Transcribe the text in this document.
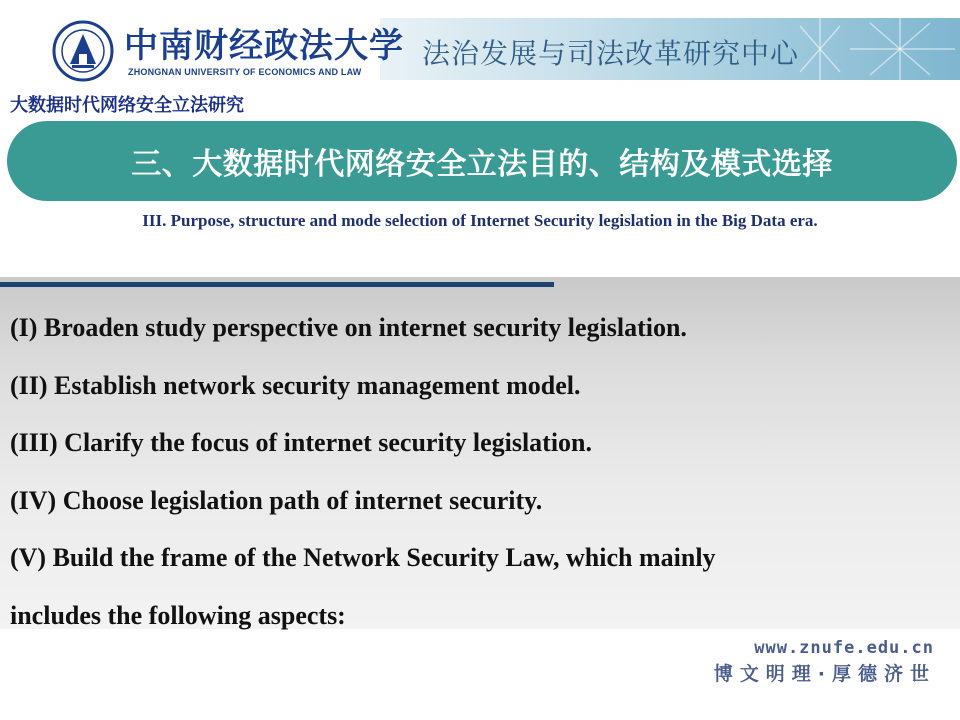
法治发展与司法改革研究中心
中南财经政法大学
ZHONGNAN UNIVERSITY OF ECONOMICS AND LAW
大数据时代网络安全立法研究
三、大数据时代网络安全立法目的、结构及模式选择
III. Purpose, structure and mode selection of Internet Security legislation in the Big Data era.
(I) Broaden study perspective on internet security legislation.
(II) Establish network security management model.
(III) Clarify the focus of internet security legislation.
(IV) Choose legislation path of internet security.
(V) Build the frame of the Network Security Law, which mainly
includes the following aspects:
www.znufe.edu.cn
博文明理·厚德济世
